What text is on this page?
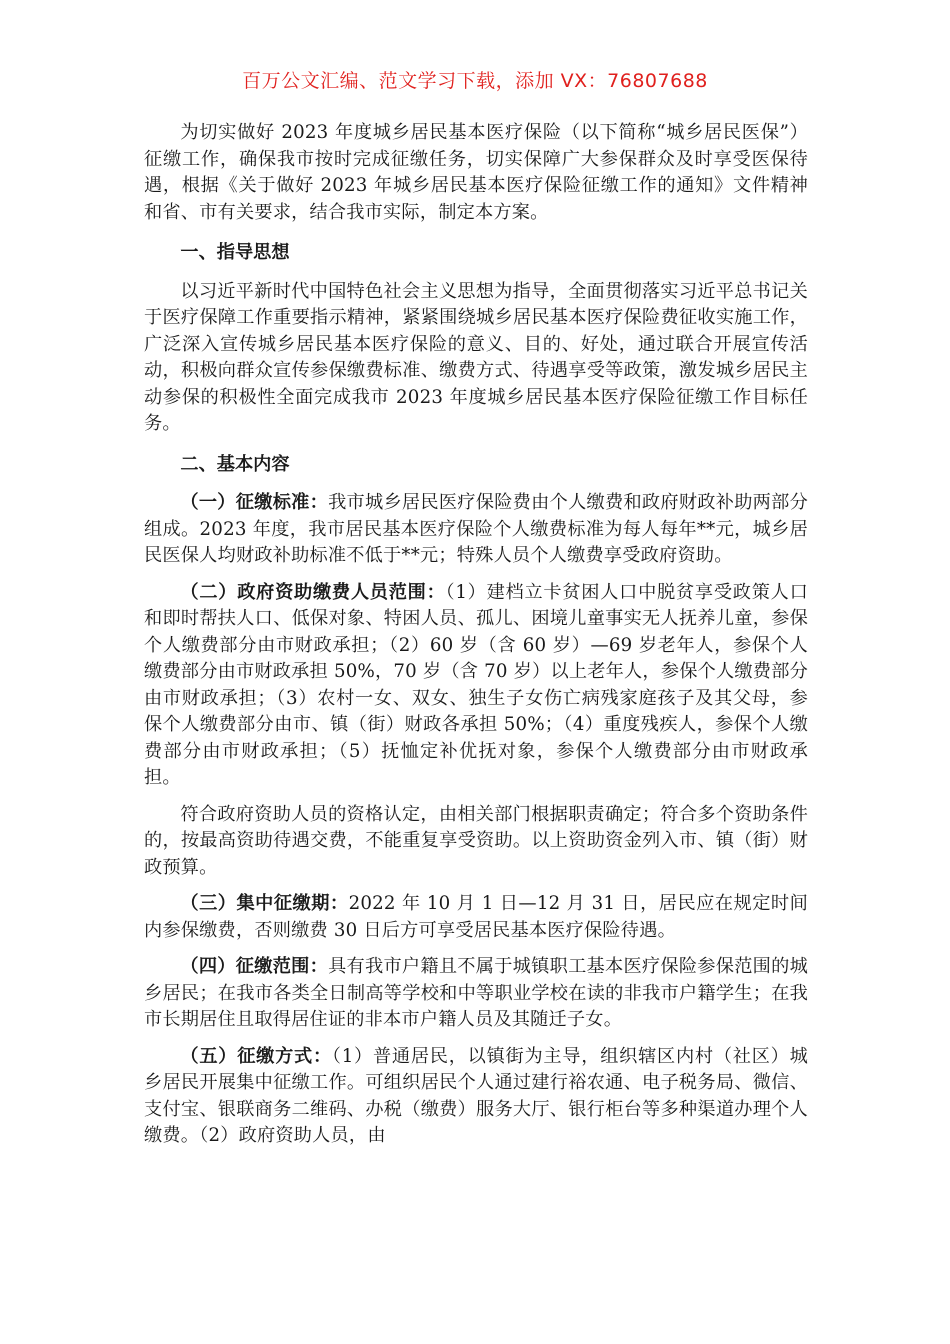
百万公文汇编、范文学习下载，添加 VX：76807688

为切实做好 2023 年度城乡居民基本医疗保险（以下简称“城乡居民医保”）征缴工作，确保我市按时完成征缴任务，切实保障广大参保群众及时享受医保待遇，根据《关于做好 2023 年城乡居民基本医疗保险征缴工作的通知》文件精神和省、市有关要求，结合我市实际，制定本方案。

一、指导思想

以习近平新时代中国特色社会主义思想为指导，全面贯彻落实习近平总书记关于医疗保障工作重要指示精神，紧紧围绕城乡居民基本医疗保险费征收实施工作，广泛深入宣传城乡居民基本医疗保险的意义、目的、好处，通过联合开展宣传活动，积极向群众宣传参保缴费标准、缴费方式、待遇享受等政策，激发城乡居民主动参保的积极性全面完成我市 2023 年度城乡居民基本医疗保险征缴工作目标任务。

二、基本内容

（一）征缴标准：我市城乡居民医疗保险费由个人缴费和政府财政补助两部分组成。2023 年度，我市居民基本医疗保险个人缴费标准为每人每年**元，城乡居民医保人均财政补助标准不低于**元；特殊人员个人缴费享受政府资助。

（二）政府资助缴费人员范围：（1）建档立卡贫困人口中脱贫享受政策人口和即时帮扶人口、低保对象、特困人员、孤儿、困境儿童事实无人抚养儿童，参保个人缴费部分由市财政承担；（2）60 岁（含 60 岁）—69 岁老年人，参保个人缴费部分由市财政承担 50%，70 岁（含 70 岁）以上老年人，参保个人缴费部分由市财政承担；（3）农村一女、双女、独生子女伤亡病残家庭孩子及其父母，参保个人缴费部分由市、镇（街）财政各承担 50%；（4）重度残疾人，参保个人缴费部分由市财政承担；（5）抚恤定补优抚对象，参保个人缴费部分由市财政承担。

符合政府资助人员的资格认定，由相关部门根据职责确定；符合多个资助条件的，按最高资助待遇交费，不能重复享受资助。以上资助资金列入市、镇（街）财政预算。

（三）集中征缴期：2022 年 10 月 1 日—12 月 31 日，居民应在规定时间内参保缴费，否则缴费 30 日后方可享受居民基本医疗保险待遇。

（四）征缴范围：具有我市户籍且不属于城镇职工基本医疗保险参保范围的城乡居民；在我市各类全日制高等学校和中等职业学校在读的非我市户籍学生；在我市长期居住且取得居住证的非本市户籍人员及其随迁子女。

（五）征缴方式：（1）普通居民，以镇街为主导，组织辖区内村（社区）城乡居民开展集中征缴工作。可组织居民个人通过建行裕农通、电子税务局、微信、支付宝、银联商务二维码、办税（缴费）服务大厅、银行柜台等多种渠道办理个人缴费。（2）政府资助人员，由
